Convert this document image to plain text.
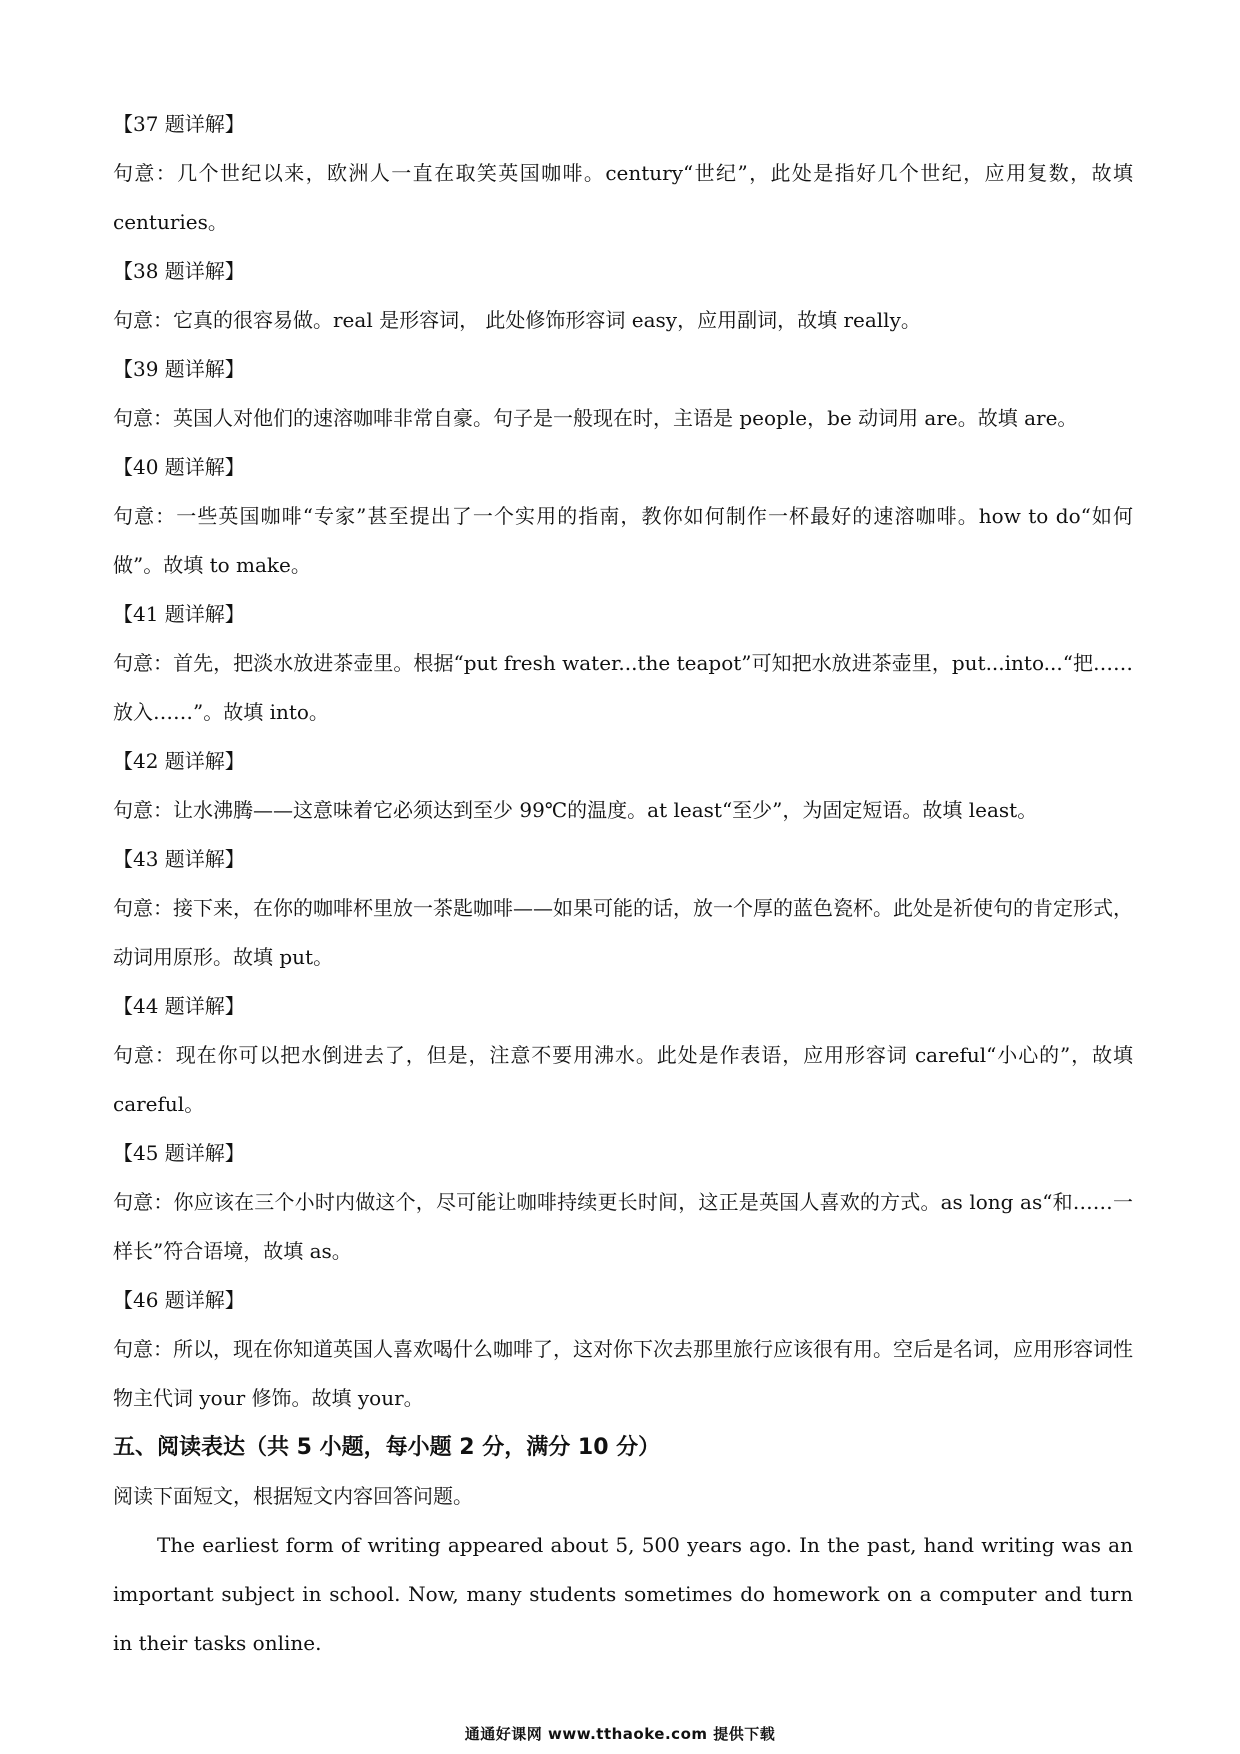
【37 题详解】
句意：几个世纪以来，欧洲人一直在取笑英国咖啡。century“世纪”，此处是指好几个世纪，应用复数，故填 centuries。
【38 题详解】
句意：它真的很容易做。real 是形容词， 此处修饰形容词 easy，应用副词，故填 really。
【39 题详解】
句意：英国人对他们的速溶咖啡非常自豪。句子是一般现在时，主语是 people，be 动词用 are。故填 are。
【40 题详解】
句意：一些英国咖啡“专家”甚至提出了一个实用的指南，教你如何制作一杯最好的速溶咖啡。how to do“如何做”。故填 to make。
【41 题详解】
句意：首先，把淡水放进茶壶里。根据“put fresh water...the teapot”可知把水放进茶壶里，put...into...“把……放入……”。故填 into。
【42 题详解】
句意：让水沸腾——这意味着它必须达到至少 99℃的温度。at least“至少”，为固定短语。故填 least。
【43 题详解】
句意：接下来，在你的咖啡杯里放一茶匙咖啡——如果可能的话，放一个厚的蓝色瓷杯。此处是祈使句的肯定形式，动词用原形。故填 put。
【44 题详解】
句意：现在你可以把水倒进去了，但是，注意不要用沸水。此处是作表语，应用形容词 careful“小心的”，故填 careful。
【45 题详解】
句意：你应该在三个小时内做这个，尽可能让咖啡持续更长时间，这正是英国人喜欢的方式。as long as“和……一样长”符合语境，故填 as。
【46 题详解】
句意：所以，现在你知道英国人喜欢喝什么咖啡了，这对你下次去那里旅行应该很有用。空后是名词，应用形容词性物主代词 your 修饰。故填 your。
五、阅读表达（共 5 小题，每小题 2 分，满分 10 分）
阅读下面短文，根据短文内容回答问题。

The earliest form of writing appeared about 5, 500 years ago. In the past, hand writing was an important subject in school. Now, many students sometimes do homework on a computer and turn in their tasks online.

通通好课网 www.tthaoke.com 提供下载
